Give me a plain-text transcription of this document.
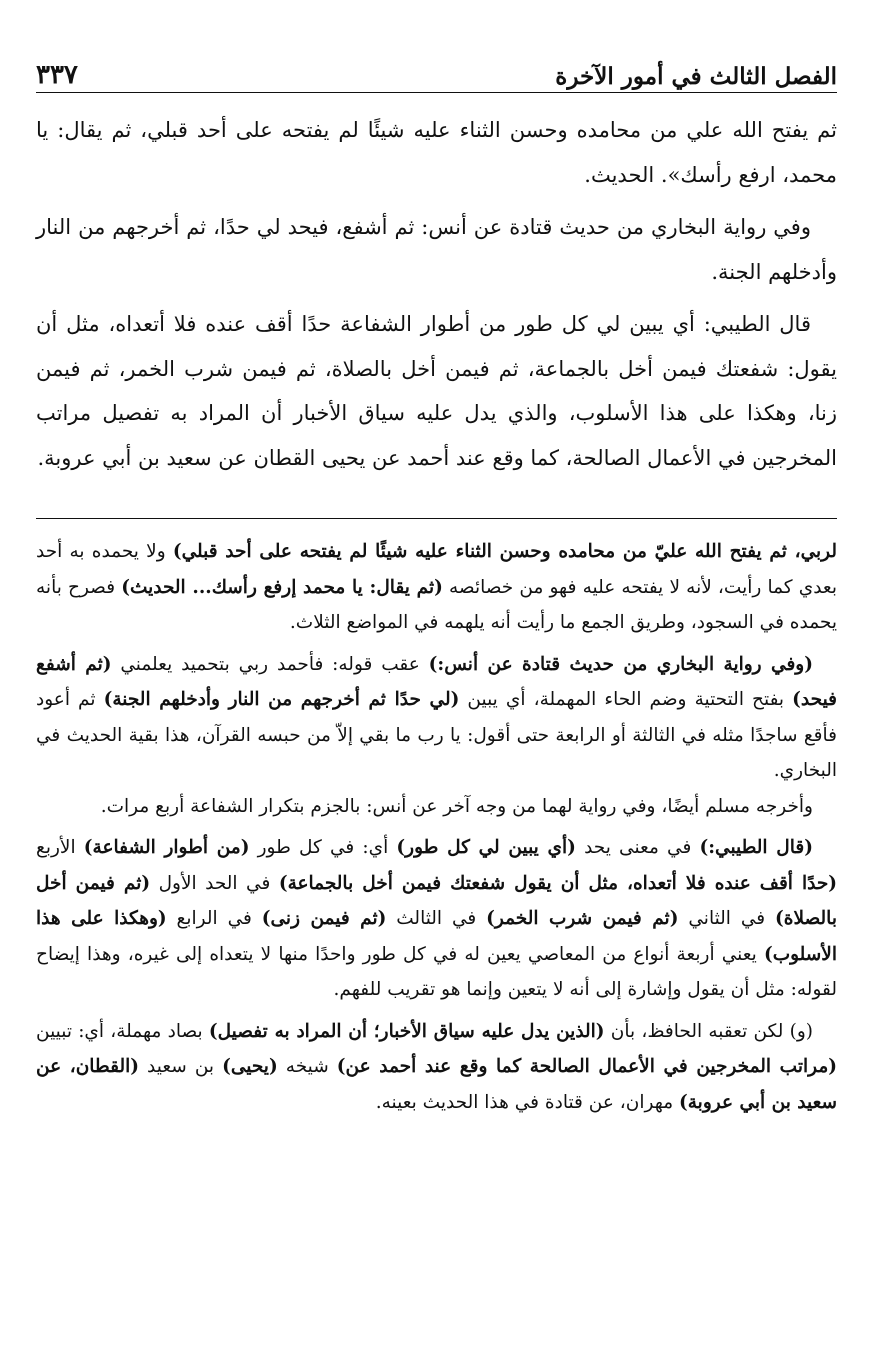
٣٣٧	الفصل الثالث في أمور الآخرة

ثم يفتح الله علي من محامده وحسن الثناء عليه شيئًا لم يفتحه على أحد قبلي، ثم يقال: يا محمد، ارفع رأسك». الحديث.

وفي رواية البخاري من حديث قتادة عن أنس: ثم أشفع، فيحد لي حدًا، ثم أخرجهم من النار وأدخلهم الجنة.

قال الطيبي: أي يبين لي كل طور من أطوار الشفاعة حدًا أقف عنده فلا أتعداه، مثل أن يقول: شفعتك فيمن أخل بالجماعة، ثم فيمن أخل بالصلاة، ثم فيمن شرب الخمر، ثم فيمن زنا، وهكذا على هذا الأسلوب، والذي يدل عليه سياق الأخبار أن المراد به تفصيل مراتب المخرجين في الأعمال الصالحة، كما وقع عند أحمد عن يحيى القطان عن سعيد بن أبي عروبة.

لربي، ثم يفتح الله عليّ من محامده وحسن الثناء عليه شيئًا لم يفتحه على أحد قبلي) ولا يحمده به أحد بعدي كما رأيت، لأنه لا يفتحه عليه فهو من خصائصه (ثم يقال: يا محمد إرفع رأسك... الحديث) فصرح بأنه يحمده في السجود، وطريق الجمع ما رأيت أنه يلهمه في المواضع الثلاث.

(وفي رواية البخاري من حديث قتادة عن أنس:) عقب قوله: فأحمد ربي بتحميد يعلمني (ثم أشفع فيحد) بفتح التحتية وضم الحاء المهملة، أي يبين (لي حدًا ثم أخرجهم من النار وأدخلهم الجنة) ثم أعود فأقع ساجدًا مثله في الثالثة أو الرابعة حتى أقول: يا رب ما بقي إلاّ من حبسه القرآن، هذا بقية الحديث في البخاري.

وأخرجه مسلم أيضًا، وفي رواية لهما من وجه آخر عن أنس: بالجزم بتكرار الشفاعة أربع مرات.

(قال الطيبي:) في معنى يحد (أي يبين لي كل طور) أي: في كل طور (من أطوار الشفاعة) الأربع (حدًا أقف عنده فلا أتعداه، مثل أن يقول شفعتك فيمن أخل بالجماعة) في الحد الأول (ثم فيمن أخل بالصلاة) في الثاني (ثم فيمن شرب الخمر) في الثالث (ثم فيمن زنى) في الرابع (وهكذا على هذا الأسلوب) يعني أربعة أنواع من المعاصي يعين له في كل طور واحدًا منها لا يتعداه إلى غيره، وهذا إيضاح لقوله: مثل أن يقول وإشارة إلى أنه لا يتعين وإنما هو تقريب للفهم.

(و) لكن تعقبه الحافظ، بأن (الذين يدل عليه سياق الأخبار؛ أن المراد به تفصيل) بصاد مهملة، أي: تبيين (مراتب المخرجين في الأعمال الصالحة كما وقع عند أحمد عن) شيخه (يحيى) بن سعيد (القطان، عن سعيد بن أبي عروبة) مهران، عن قتادة في هذا الحديث بعينه.
